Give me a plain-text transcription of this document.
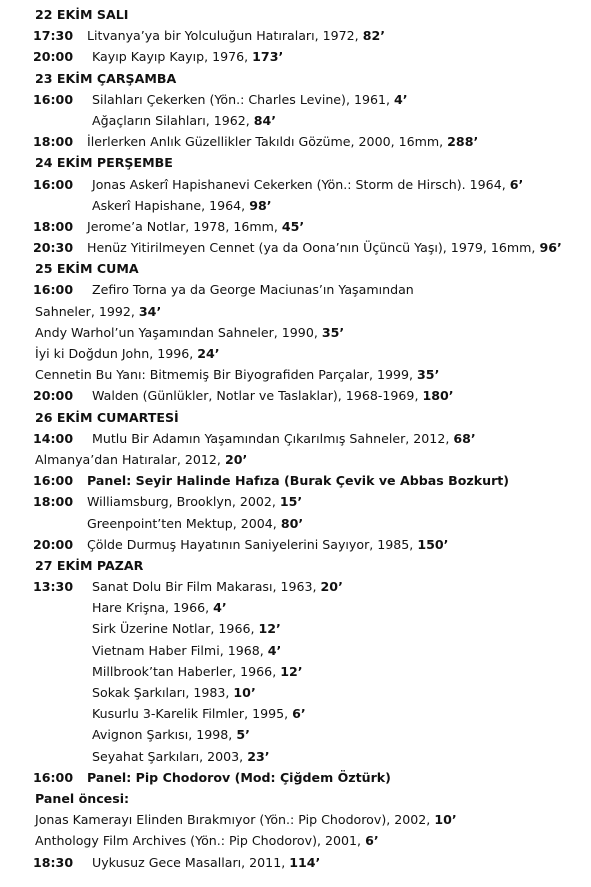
22 EKİM SALI
17:30 Litvanya’ya bir Yolculuğun Hatıraları, 1972, 82’
20:00 Kayıp Kayıp Kayıp, 1976, 173’
23 EKİM ÇARŞAMBA
16:00 Silahları Çekerken (Yön.: Charles Levine), 1961, 4’
Ağaçların Silahları, 1962, 84’
18:00 İlerlerken Anlık Güzellikler Takıldı Gözüme, 2000, 16mm, 288’
24 EKİM PERŞEMBE
16:00 Jonas Askerî Hapishanevi Cekerken (Yön.: Storm de Hirsch). 1964, 6’
Askerî Hapishane, 1964, 98’
18:00 Jerome’a Notlar, 1978, 16mm, 45’
20:30 Henüz Yitirilmeyen Cennet (ya da Oona’nın Üçüncü Yaşı), 1979, 16mm, 96’
25 EKİM CUMA
16:00 Zefiro Torna ya da George Maciunas’ın Yaşamından
Sahneler, 1992, 34’
Andy Warhol’un Yaşamından Sahneler, 1990, 35’
İyi ki Doğdun John, 1996, 24’
Cennetin Bu Yanı: Bitmemiş Bir Biyografiden Parçalar, 1999, 35’
20:00 Walden (Günlükler, Notlar ve Taslaklar), 1968-1969, 180’
26 EKİM CUMARTESİ
14:00 Mutlu Bir Adamın Yaşamından Çıkarılmış Sahneler, 2012, 68’
Almanya’dan Hatıralar, 2012, 20’
16:00 Panel: Seyir Halinde Hafıza (Burak Çevik ve Abbas Bozkurt)
18:00 Williamsburg, Brooklyn, 2002, 15’
Greenpoint’ten Mektup, 2004, 80’
20:00 Çölde Durmuş Hayatının Saniyelerini Sayıyor, 1985, 150’
27 EKİM PAZAR
13:30 Sanat Dolu Bir Film Makarası, 1963, 20’
Hare Krişna, 1966, 4’
Sirk Üzerine Notlar, 1966, 12’
Vietnam Haber Filmi, 1968, 4’
Millbrook’tan Haberler, 1966, 12’
Sokak Şarkıları, 1983, 10’
Kusurlu 3-Karelik Filmler, 1995, 6’
Avignon Şarkısı, 1998, 5’
Seyahat Şarkıları, 2003, 23’
16:00 Panel: Pip Chodorov (Mod: Çiğdem Öztürk)
Panel öncesi:
Jonas Kamerayı Elinden Bırakmıyor (Yön.: Pip Chodorov), 2002, 10’
Anthology Film Archives (Yön.: Pip Chodorov), 2001, 6’
18:30 Uykusuz Gece Masalları, 2011, 114’
